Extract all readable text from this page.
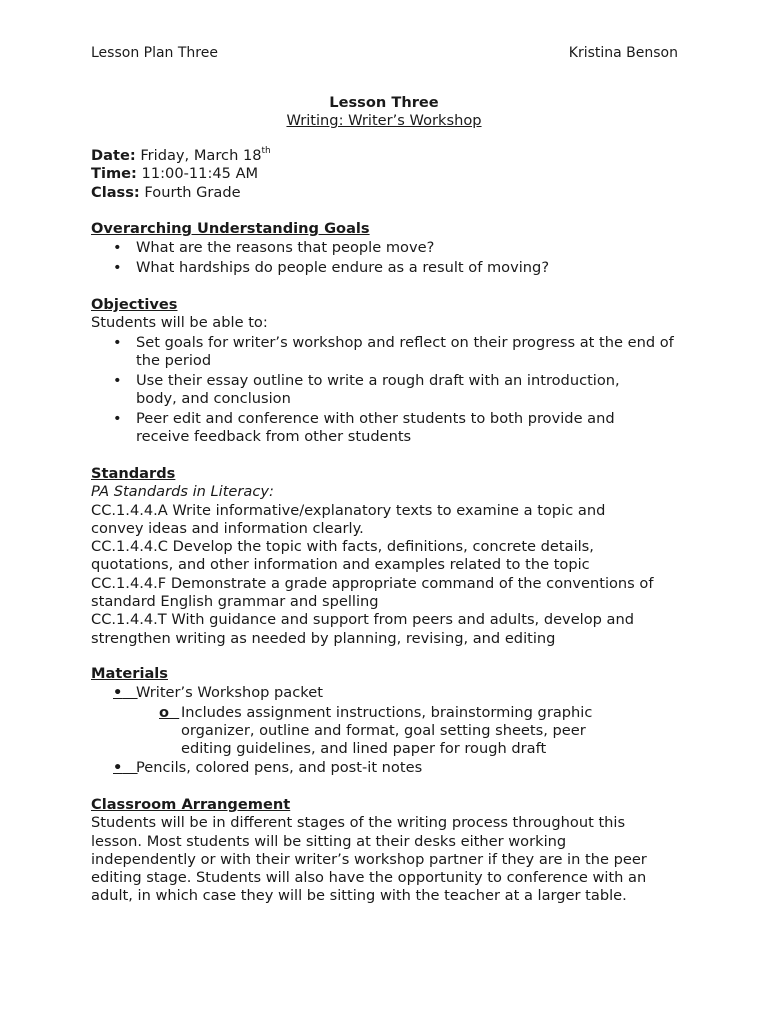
Lesson Plan Three	Kristina Benson
Lesson Three
Writing: Writer’s Workshop

Date: Friday, March 18th

Time: 11:00-11:45 AM

Class: Fourth Grade

Overarching Understanding Goals

• What are the reasons that people move?
• What hardships do people endure as a result of moving?

Objectives

Students will be able to:

• Set goals for writer’s workshop and reflect on their progress at the end of the period
• Use their essay outline to write a rough draft with an introduction, body, and conclusion
• Peer edit and conference with other students to both provide and receive feedback from other students

Standards

PA Standards in Literacy:

CC.1.4.4.A Write informative/explanatory texts to examine a topic and convey ideas and information clearly.

CC.1.4.4.C Develop the topic with facts, definitions, concrete details, quotations, and other information and examples related to the topic

CC.1.4.4.F Demonstrate a grade appropriate command of the conventions of standard English grammar and spelling

CC.1.4.4.T With guidance and support from peers and adults, develop and strengthen writing as needed by planning, revising, and editing

Materials

• Writer’s Workshop packet
o Includes assignment instructions, brainstorming graphic organizer, outline and format, goal setting sheets, peer editing guidelines, and lined paper for rough draft
• Pencils, colored pens, and post-it notes

Classroom Arrangement

Students will be in different stages of the writing process throughout this lesson. Most students will be sitting at their desks either working independently or with their writer’s workshop partner if they are in the peer editing stage. Students will also have the opportunity to conference with an adult, in which case they will be sitting with the teacher at a larger table.
